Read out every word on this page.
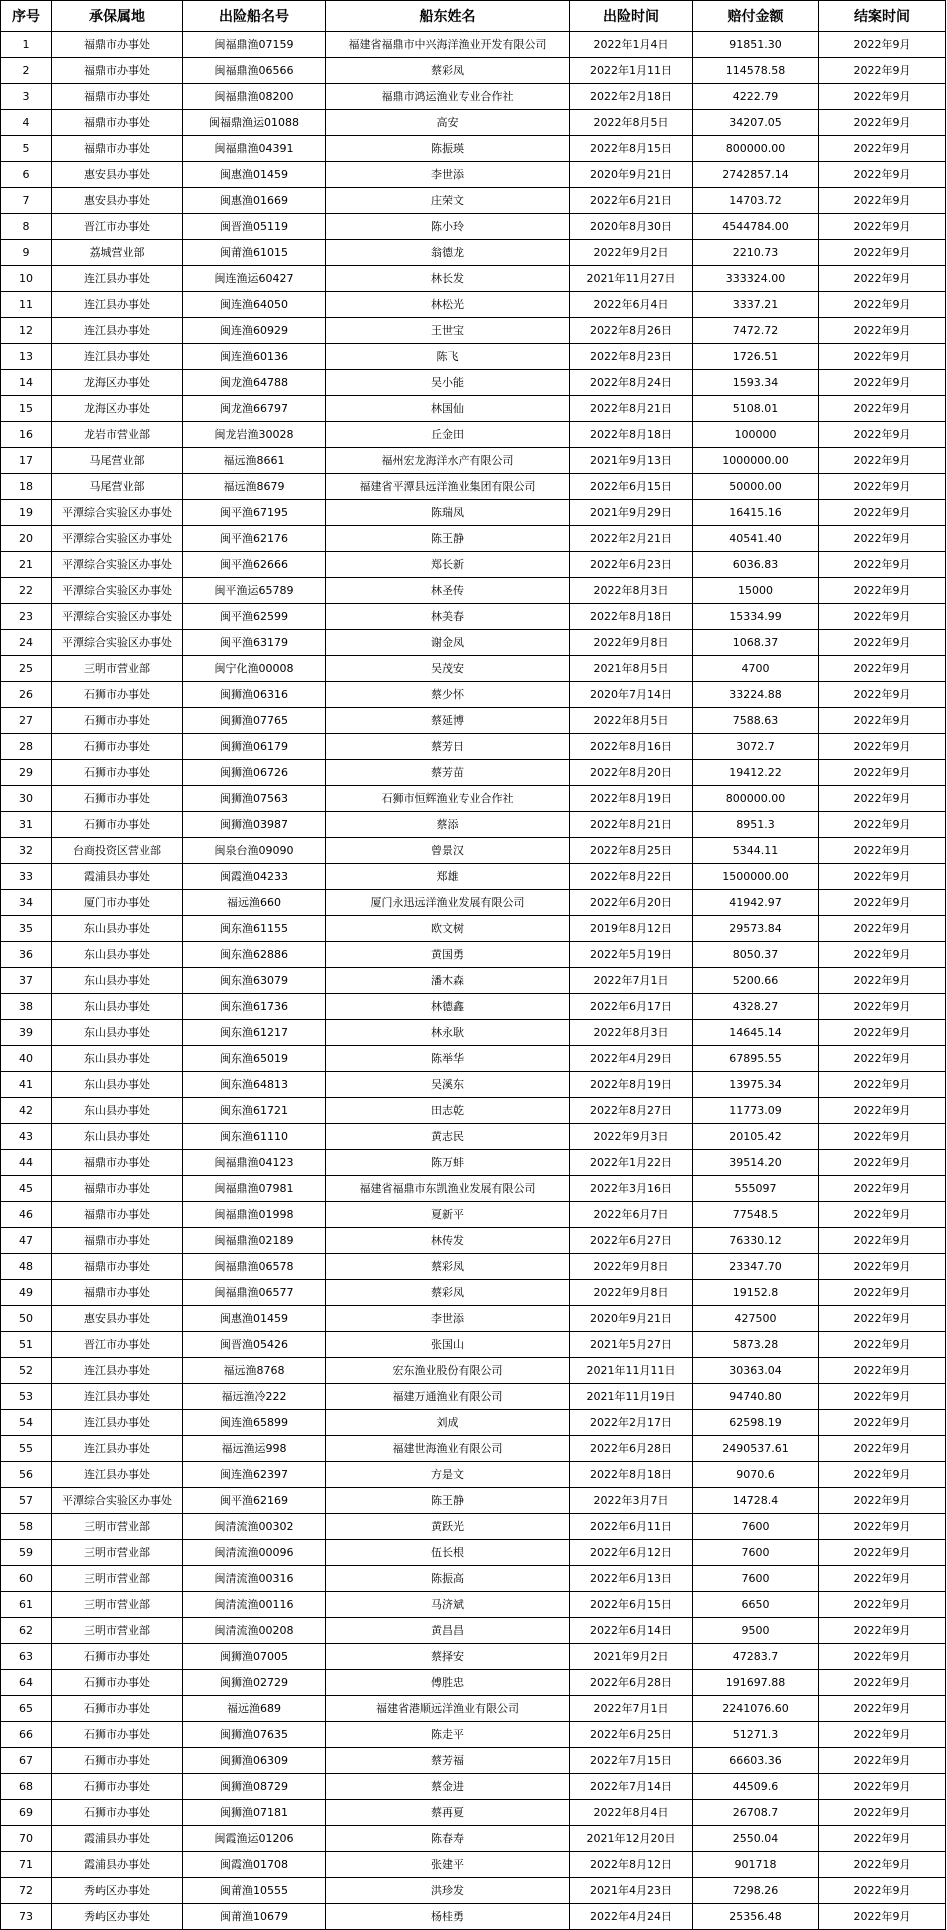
序号	承保属地	出险船名号	船东姓名	出险时间	赔付金额	结案时间
1	福鼎市办事处	闽福鼎渔07159	福建省福鼎市中兴海洋渔业开发有限公司	2022年1月4日	91851.30	2022年9月
2	福鼎市办事处	闽福鼎渔06566	蔡彩凤	2022年1月11日	114578.58	2022年9月
3	福鼎市办事处	闽福鼎渔08200	福鼎市鸿运渔业专业合作社	2022年2月18日	4222.79	2022年9月
4	福鼎市办事处	闽福鼎渔运01088	高安	2022年8月5日	34207.05	2022年9月
5	福鼎市办事处	闽福鼎渔04391	陈振瑛	2022年8月15日	800000.00	2022年9月
6	惠安县办事处	闽惠渔01459	李世添	2020年9月21日	2742857.14	2022年9月
7	惠安县办事处	闽惠渔01669	庄荣文	2022年6月21日	14703.72	2022年9月
8	晋江市办事处	闽晋渔05119	陈小玲	2020年8月30日	4544784.00	2022年9月
9	荔城营业部	闽莆渔61015	翁德龙	2022年9月2日	2210.73	2022年9月
10	连江县办事处	闽连渔运60427	林长发	2021年11月27日	333324.00	2022年9月
11	连江县办事处	闽连渔64050	林松光	2022年6月4日	3337.21	2022年9月
12	连江县办事处	闽连渔60929	王世宝	2022年8月26日	7472.72	2022年9月
13	连江县办事处	闽连渔60136	陈飞	2022年8月23日	1726.51	2022年9月
14	龙海区办事处	闽龙渔64788	吴小能	2022年8月24日	1593.34	2022年9月
15	龙海区办事处	闽龙渔66797	林国仙	2022年8月21日	5108.01	2022年9月
16	龙岩市营业部	闽龙岩渔30028	丘金田	2022年8月18日	100000	2022年9月
17	马尾营业部	福远渔8661	福州宏龙海洋水产有限公司	2021年9月13日	1000000.00	2022年9月
18	马尾营业部	福远渔8679	福建省平潭县远洋渔业集团有限公司	2022年6月15日	50000.00	2022年9月
19	平潭综合实验区办事处	闽平渔67195	陈瑞凤	2021年9月29日	16415.16	2022年9月
20	平潭综合实验区办事处	闽平渔62176	陈王静	2022年2月21日	40541.40	2022年9月
21	平潭综合实验区办事处	闽平渔62666	郑长新	2022年6月23日	6036.83	2022年9月
22	平潭综合实验区办事处	闽平渔运65789	林圣传	2022年8月3日	15000	2022年9月
23	平潭综合实验区办事处	闽平渔62599	林美春	2022年8月18日	15334.99	2022年9月
24	平潭综合实验区办事处	闽平渔63179	谢金凤	2022年9月8日	1068.37	2022年9月
25	三明市营业部	闽宁化渔00008	吴茂安	2021年8月5日	4700	2022年9月
26	石狮市办事处	闽狮渔06316	蔡少怀	2020年7月14日	33224.88	2022年9月
27	石狮市办事处	闽狮渔07765	蔡延博	2022年8月5日	7588.63	2022年9月
28	石狮市办事处	闽狮渔06179	蔡芳日	2022年8月16日	3072.7	2022年9月
29	石狮市办事处	闽狮渔06726	蔡芳苗	2022年8月20日	19412.22	2022年9月
30	石狮市办事处	闽狮渔07563	石狮市恒辉渔业专业合作社	2022年8月19日	800000.00	2022年9月
31	石狮市办事处	闽狮渔03987	蔡添	2022年8月21日	8951.3	2022年9月
32	台商投资区营业部	闽泉台渔09090	曾景汉	2022年8月25日	5344.11	2022年9月
33	霞浦县办事处	闽霞渔04233	郑雄	2022年8月22日	1500000.00	2022年9月
34	厦门市办事处	福远渔660	厦门永迅远洋渔业发展有限公司	2022年6月20日	41942.97	2022年9月
35	东山县办事处	闽东渔61155	欧文树	2019年8月12日	29573.84	2022年9月
36	东山县办事处	闽东渔62886	黄国勇	2022年5月19日	8050.37	2022年9月
37	东山县办事处	闽东渔63079	潘木森	2022年7月1日	5200.66	2022年9月
38	东山县办事处	闽东渔61736	林德鑫	2022年6月17日	4328.27	2022年9月
39	东山县办事处	闽东渔61217	林永耿	2022年8月3日	14645.14	2022年9月
40	东山县办事处	闽东渔65019	陈举华	2022年4月29日	67895.55	2022年9月
41	东山县办事处	闽东渔64813	吴溪东	2022年8月19日	13975.34	2022年9月
42	东山县办事处	闽东渔61721	田志乾	2022年8月27日	11773.09	2022年9月
43	东山县办事处	闽东渔61110	黄志民	2022年9月3日	20105.42	2022年9月
44	福鼎市办事处	闽福鼎渔04123	陈万蚌	2022年1月22日	39514.20	2022年9月
45	福鼎市办事处	闽福鼎渔07981	福建省福鼎市东凯渔业发展有限公司	2022年3月16日	555097	2022年9月
46	福鼎市办事处	闽福鼎渔01998	夏新平	2022年6月7日	77548.5	2022年9月
47	福鼎市办事处	闽福鼎渔02189	林传发	2022年6月27日	76330.12	2022年9月
48	福鼎市办事处	闽福鼎渔06578	蔡彩凤	2022年9月8日	23347.70	2022年9月
49	福鼎市办事处	闽福鼎渔06577	蔡彩凤	2022年9月8日	19152.8	2022年9月
50	惠安县办事处	闽惠渔01459	李世添	2020年9月21日	427500	2022年9月
51	晋江市办事处	闽晋渔05426	张国山	2021年5月27日	5873.28	2022年9月
52	连江县办事处	福远渔8768	宏东渔业股份有限公司	2021年11月11日	30363.04	2022年9月
53	连江县办事处	福远渔冷222	福建万通渔业有限公司	2021年11月19日	94740.80	2022年9月
54	连江县办事处	闽连渔65899	刘成	2022年2月17日	62598.19	2022年9月
55	连江县办事处	福远渔运998	福建世海渔业有限公司	2022年6月28日	2490537.61	2022年9月
56	连江县办事处	闽连渔62397	方是文	2022年8月18日	9070.6	2022年9月
57	平潭综合实验区办事处	闽平渔62169	陈王静	2022年3月7日	14728.4	2022年9月
58	三明市营业部	闽清流渔00302	黄跃光	2022年6月11日	7600	2022年9月
59	三明市营业部	闽清流渔00096	伍长根	2022年6月12日	7600	2022年9月
60	三明市营业部	闽清流渔00316	陈振高	2022年6月13日	7600	2022年9月
61	三明市营业部	闽清流渔00116	马济斌	2022年6月15日	6650	2022年9月
62	三明市营业部	闽清流渔00208	黄昌昌	2022年6月14日	9500	2022年9月
63	石狮市办事处	闽狮渔07005	蔡择安	2021年9月2日	47283.7	2022年9月
64	石狮市办事处	闽狮渔02729	傅胜忠	2022年6月28日	191697.88	2022年9月
65	石狮市办事处	福远渔689	福建省港顺远洋渔业有限公司	2022年7月1日	2241076.60	2022年9月
66	石狮市办事处	闽狮渔07635	陈走平	2022年6月25日	51271.3	2022年9月
67	石狮市办事处	闽狮渔06309	蔡芳福	2022年7月15日	66603.36	2022年9月
68	石狮市办事处	闽狮渔08729	蔡金进	2022年7月14日	44509.6	2022年9月
69	石狮市办事处	闽狮渔07181	蔡再夏	2022年8月4日	26708.7	2022年9月
70	霞浦县办事处	闽霞渔运01206	陈春寿	2021年12月20日	2550.04	2022年9月
71	霞浦县办事处	闽霞渔01708	张建平	2022年8月12日	901718	2022年9月
72	秀屿区办事处	闽莆渔10555	洪珍发	2021年4月23日	7298.26	2022年9月
73	秀屿区办事处	闽莆渔10679	杨桂勇	2022年4月24日	25356.48	2022年9月
